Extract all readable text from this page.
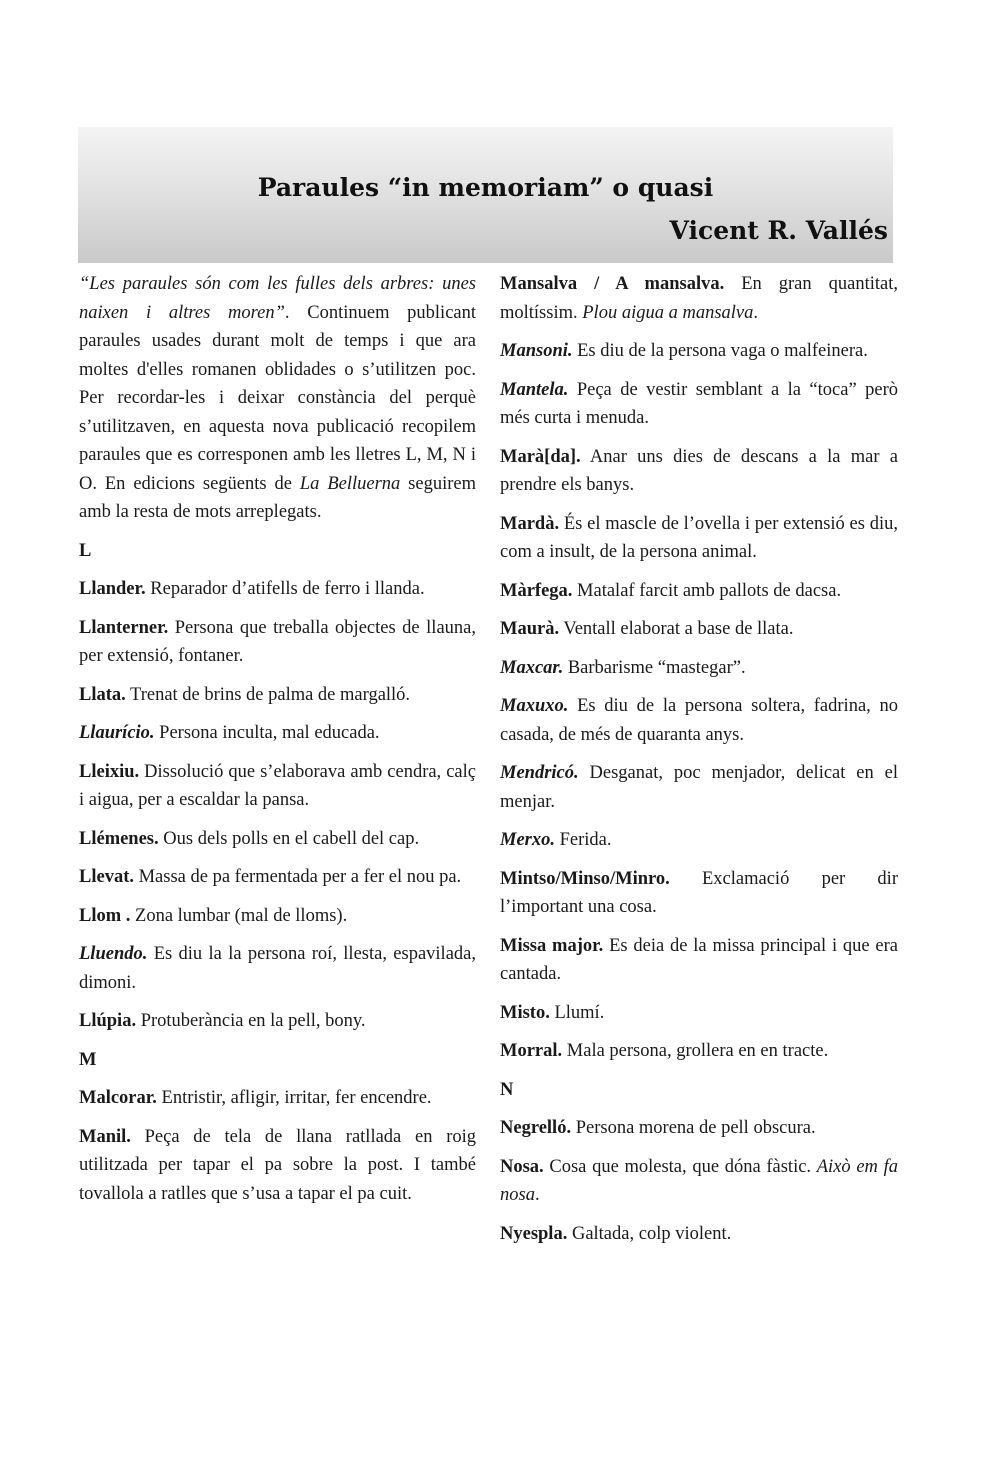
Paraules “in memoriam” o quasi
Vicent R. Vallés

“Les paraules són com les fulles dels arbres: unes naixen i altres moren”. Continuem publicant paraules usades durant molt de temps i que ara moltes d'elles romanen oblidades o s’utilitzen poc. Per recordar-les i deixar constància del perquè s’utilitzaven, en aquesta nova publicació recopilem paraules que es corresponen amb les lletres L, M, N i O. En edicions següents de La Belluerna seguirem amb la resta de mots arreplegats.

L

Llander. Reparador d’atifells de ferro i llanda.

Llanterner. Persona que treballa objectes de llauna, per extensió, fontaner.

Llata. Trenat de brins de palma de margalló.

Llaurício. Persona inculta, mal educada.

Lleixiu. Dissolució que s’elaborava amb cendra, calç i aigua, per a escaldar la pansa.

Llémenes. Ous dels polls en el cabell del cap.

Llevat. Massa de pa fermentada per a fer el nou pa.

Llom . Zona lumbar (mal de lloms).

Lluendo. Es diu la la persona roí, llesta, espavilada, dimoni.

Llúpia. Protuberància en la pell, bony.

M

Malcorar. Entristir, afligir, irritar, fer encendre.

Manil. Peça de tela de llana ratllada en roig utilitzada per tapar el pa sobre la post. I també tovallola a ratlles que s’usa a tapar el pa cuit.

Mansalva / A mansalva. En gran quantitat, moltíssim. Plou aigua a mansalva.

Mansoni. Es diu de la persona vaga o malfeinera.

Mantela. Peça de vestir semblant a la “toca” però més curta i menuda.

Marà[da]. Anar uns dies de descans a la mar a prendre els banys.

Mardà. És el mascle de l’ovella i per extensió es diu, com a insult, de la persona animal.

Màrfega. Matalaf farcit amb pallots de dacsa.

Maurà. Ventall elaborat a base de llata.

Maxcar. Barbarisme “mastegar”.

Maxuxo. Es diu de la persona soltera, fadrina, no casada, de més de quaranta anys.

Mendricó. Desganat, poc menjador, delicat en el menjar.

Merxo. Ferida.

Mintso/Minso/Minro. Exclamació per dir l’important una cosa.

Missa major. Es deia de la missa principal i que era cantada.

Misto. Llumí.

Morral. Mala persona, grollera en en tracte.

N

Negrelló. Persona morena de pell obscura.

Nosa. Cosa que molesta, que dóna fàstic. Això em fa nosa.

Nyespla. Galtada, colp violent.
